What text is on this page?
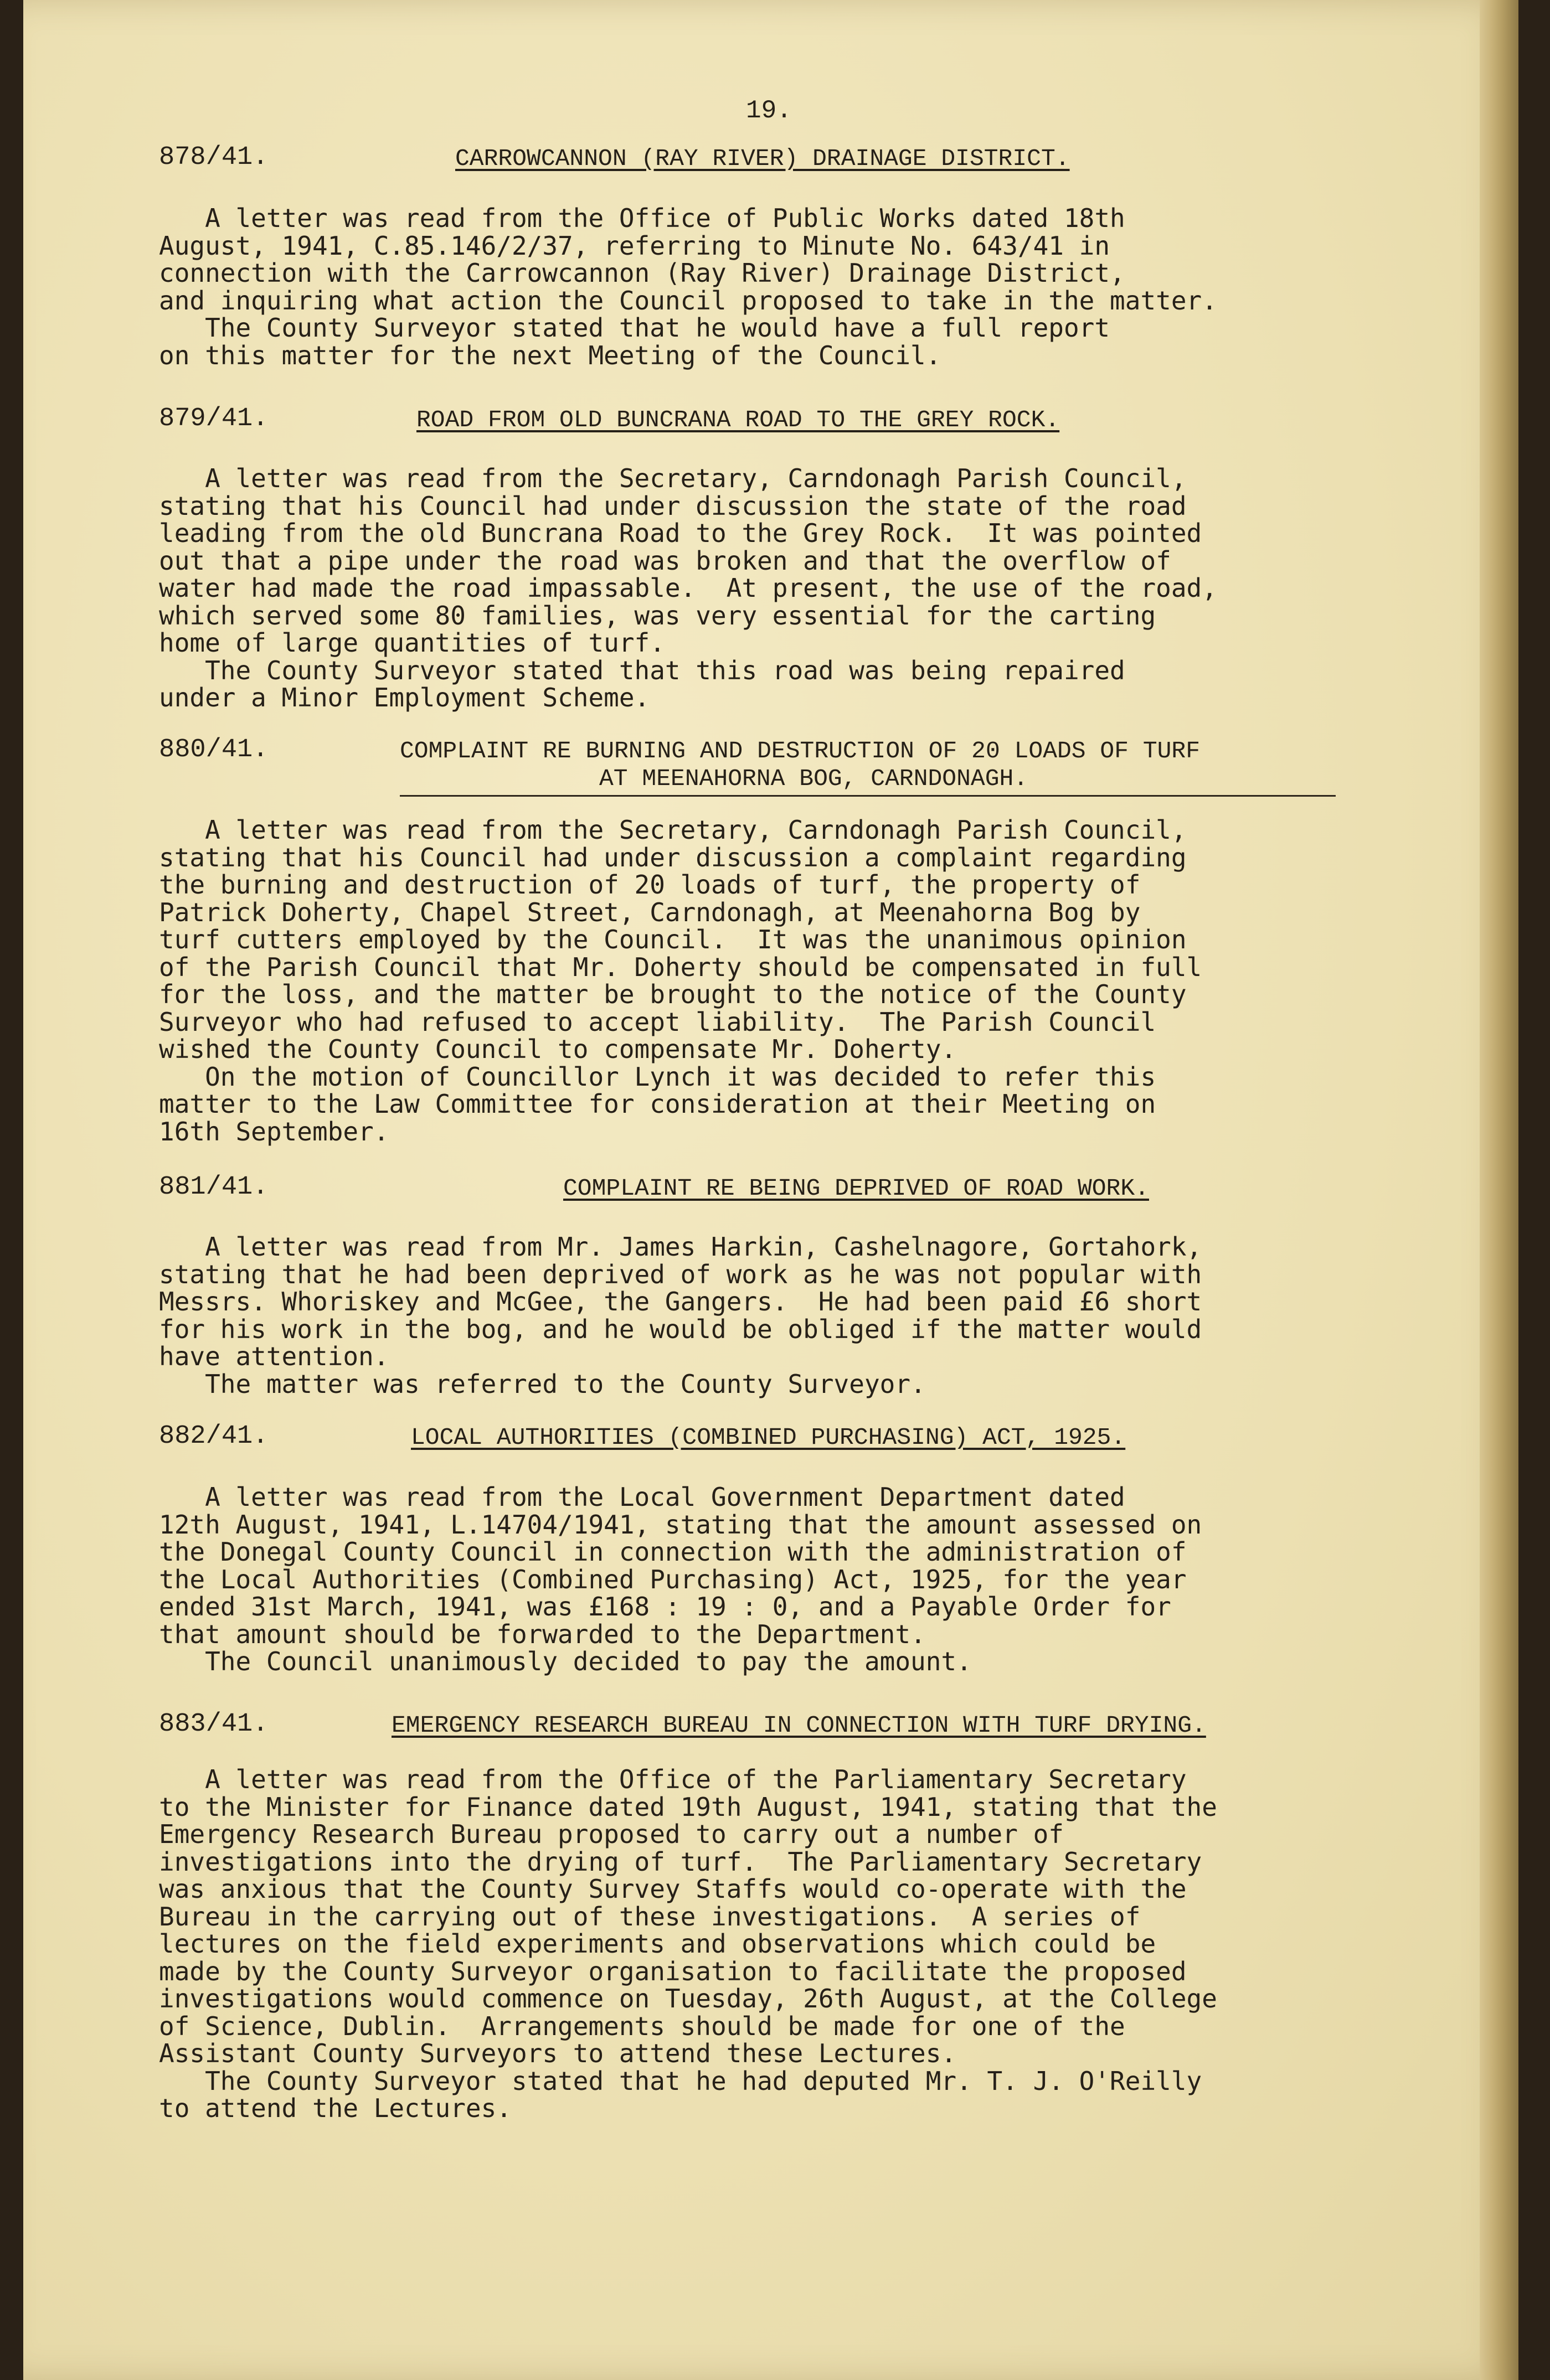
19.
878/41.	CARROWCANNON (RAY RIVER) DRAINAGE DISTRICT.
A letter was read from the Office of Public Works dated 18th
August, 1941, C.85.146/2/37, referring to Minute No. 643/41 in
connection with the Carrowcannon (Ray River) Drainage District,
and inquiring what action the Council proposed to take in the matter.
The County Surveyor stated that he would have a full report
on this matter for the next Meeting of the Council.
879/41.	ROAD FROM OLD BUNCRANA ROAD TO THE GREY ROCK.
A letter was read from the Secretary, Carndonagh Parish Council,
stating that his Council had under discussion the state of the road
leading from the old Buncrana Road to the Grey Rock.  It was pointed
out that a pipe under the road was broken and that the overflow of
water had made the road impassable.  At present, the use of the road,
which served some 80 families, was very essential for the carting
home of large quantities of turf.
The County Surveyor stated that this road was being repaired
under a Minor Employment Scheme.
880/41.	COMPLAINT RE BURNING AND DESTRUCTION OF 20 LOADS OF TURF
AT MEENAHORNA BOG, CARNDONAGH.
A letter was read from the Secretary, Carndonagh Parish Council,
stating that his Council had under discussion a complaint regarding
the burning and destruction of 20 loads of turf, the property of
Patrick Doherty, Chapel Street, Carndonagh, at Meenahorna Bog by
turf cutters employed by the Council.  It was the unanimous opinion
of the Parish Council that Mr. Doherty should be compensated in full
for the loss, and the matter be brought to the notice of the County
Surveyor who had refused to accept liability.  The Parish Council
wished the County Council to compensate Mr. Doherty.
On the motion of Councillor Lynch it was decided to refer this
matter to the Law Committee for consideration at their Meeting on
16th September.
881/41.	COMPLAINT RE BEING DEPRIVED OF ROAD WORK.
A letter was read from Mr. James Harkin, Cashelnagore, Gortahork,
stating that he had been deprived of work as he was not popular with
Messrs. Whoriskey and McGee, the Gangers.  He had been paid £6 short
for his work in the bog, and he would be obliged if the matter would
have attention.
The matter was referred to the County Surveyor.
882/41.	LOCAL AUTHORITIES (COMBINED PURCHASING) ACT, 1925.
A letter was read from the Local Government Department dated
12th August, 1941, L.14704/1941, stating that the amount assessed on
the Donegal County Council in connection with the administration of
the Local Authorities (Combined Purchasing) Act, 1925, for the year
ended 31st March, 1941, was £168 : 19 : 0, and a Payable Order for
that amount should be forwarded to the Department.
The Council unanimously decided to pay the amount.
883/41.	EMERGENCY RESEARCH BUREAU IN CONNECTION WITH TURF DRYING.
A letter was read from the Office of the Parliamentary Secretary
to the Minister for Finance dated 19th August, 1941, stating that the
Emergency Research Bureau proposed to carry out a number of
investigations into the drying of turf.  The Parliamentary Secretary
was anxious that the County Survey Staffs would co-operate with the
Bureau in the carrying out of these investigations.  A series of
lectures on the field experiments and observations which could be
made by the County Surveyor organisation to facilitate the proposed
investigations would commence on Tuesday, 26th August, at the College
of Science, Dublin.  Arrangements should be made for one of the
Assistant County Surveyors to attend these Lectures.
The County Surveyor stated that he had deputed Mr. T. J. O'Reilly
to attend the Lectures.
